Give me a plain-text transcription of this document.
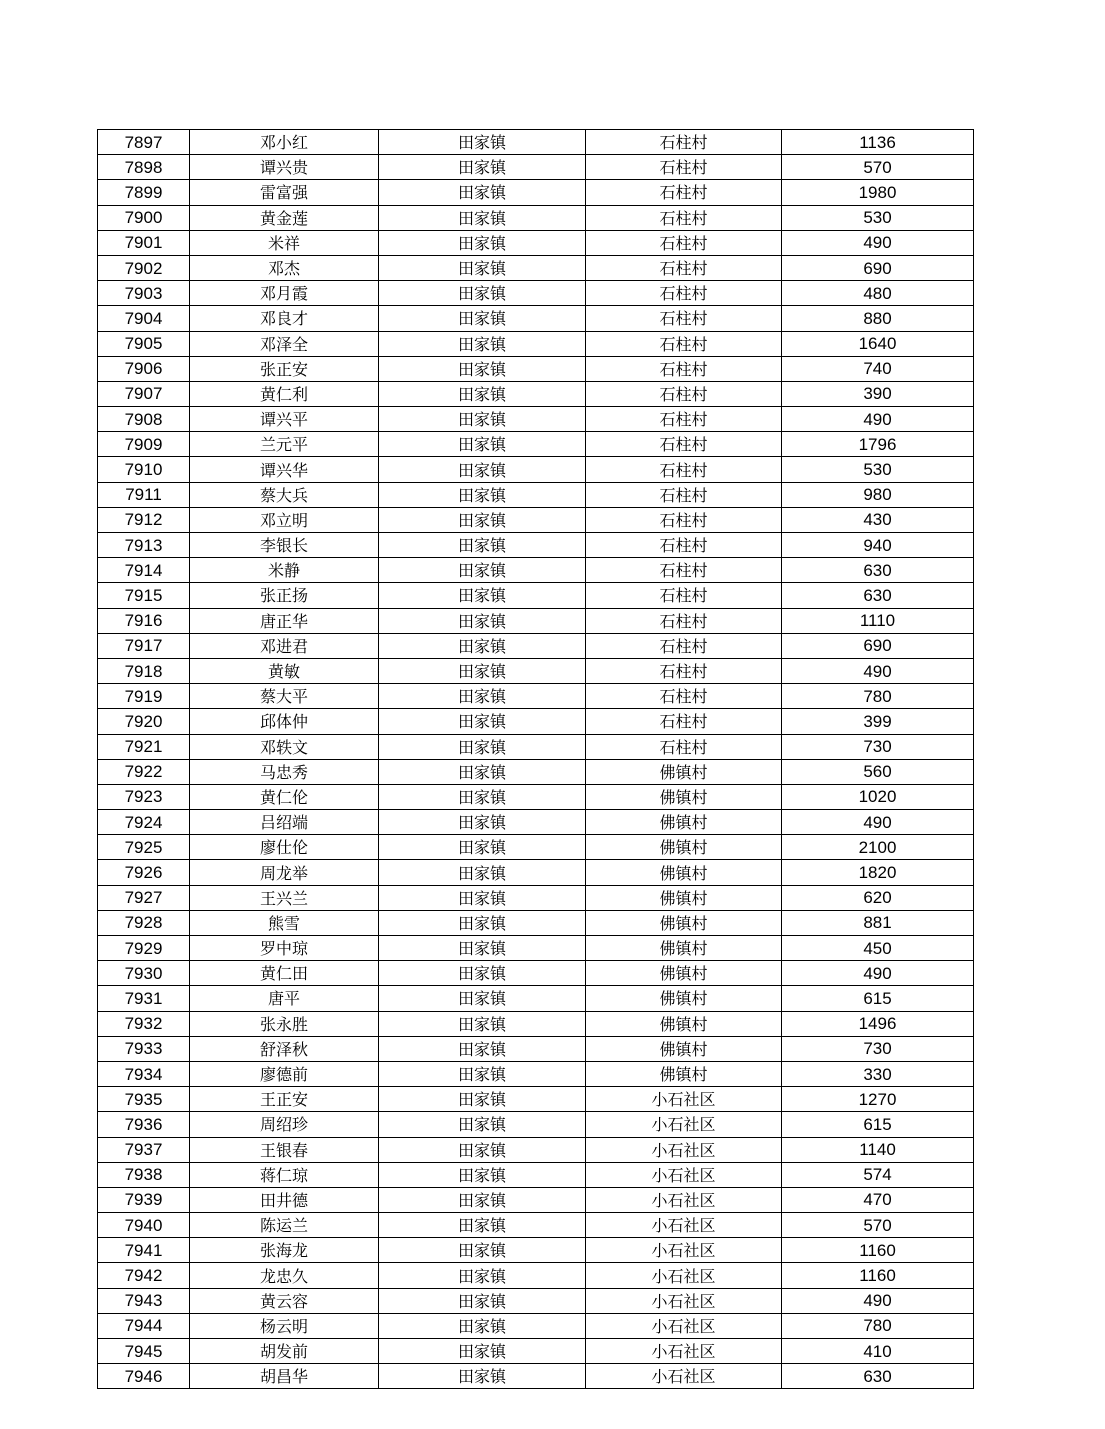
7897	邓小红	田家镇	石柱村	1136
7898	谭兴贵	田家镇	石柱村	570
7899	雷富强	田家镇	石柱村	1980
7900	黄金莲	田家镇	石柱村	530
7901	米祥	田家镇	石柱村	490
7902	邓杰	田家镇	石柱村	690
7903	邓月霞	田家镇	石柱村	480
7904	邓良才	田家镇	石柱村	880
7905	邓泽全	田家镇	石柱村	1640
7906	张正安	田家镇	石柱村	740
7907	黄仁利	田家镇	石柱村	390
7908	谭兴平	田家镇	石柱村	490
7909	兰元平	田家镇	石柱村	1796
7910	谭兴华	田家镇	石柱村	530
7911	蔡大兵	田家镇	石柱村	980
7912	邓立明	田家镇	石柱村	430
7913	李银长	田家镇	石柱村	940
7914	米静	田家镇	石柱村	630
7915	张正扬	田家镇	石柱村	630
7916	唐正华	田家镇	石柱村	1110
7917	邓进君	田家镇	石柱村	690
7918	黄敏	田家镇	石柱村	490
7919	蔡大平	田家镇	石柱村	780
7920	邱体仲	田家镇	石柱村	399
7921	邓轶文	田家镇	石柱村	730
7922	马忠秀	田家镇	佛镇村	560
7923	黄仁伦	田家镇	佛镇村	1020
7924	吕绍端	田家镇	佛镇村	490
7925	廖仕伦	田家镇	佛镇村	2100
7926	周龙举	田家镇	佛镇村	1820
7927	王兴兰	田家镇	佛镇村	620
7928	熊雪	田家镇	佛镇村	881
7929	罗中琼	田家镇	佛镇村	450
7930	黄仁田	田家镇	佛镇村	490
7931	唐平	田家镇	佛镇村	615
7932	张永胜	田家镇	佛镇村	1496
7933	舒泽秋	田家镇	佛镇村	730
7934	廖德前	田家镇	佛镇村	330
7935	王正安	田家镇	小石社区	1270
7936	周绍珍	田家镇	小石社区	615
7937	王银春	田家镇	小石社区	1140
7938	蒋仁琼	田家镇	小石社区	574
7939	田井德	田家镇	小石社区	470
7940	陈运兰	田家镇	小石社区	570
7941	张海龙	田家镇	小石社区	1160
7942	龙忠久	田家镇	小石社区	1160
7943	黄云容	田家镇	小石社区	490
7944	杨云明	田家镇	小石社区	780
7945	胡发前	田家镇	小石社区	410
7946	胡昌华	田家镇	小石社区	630
